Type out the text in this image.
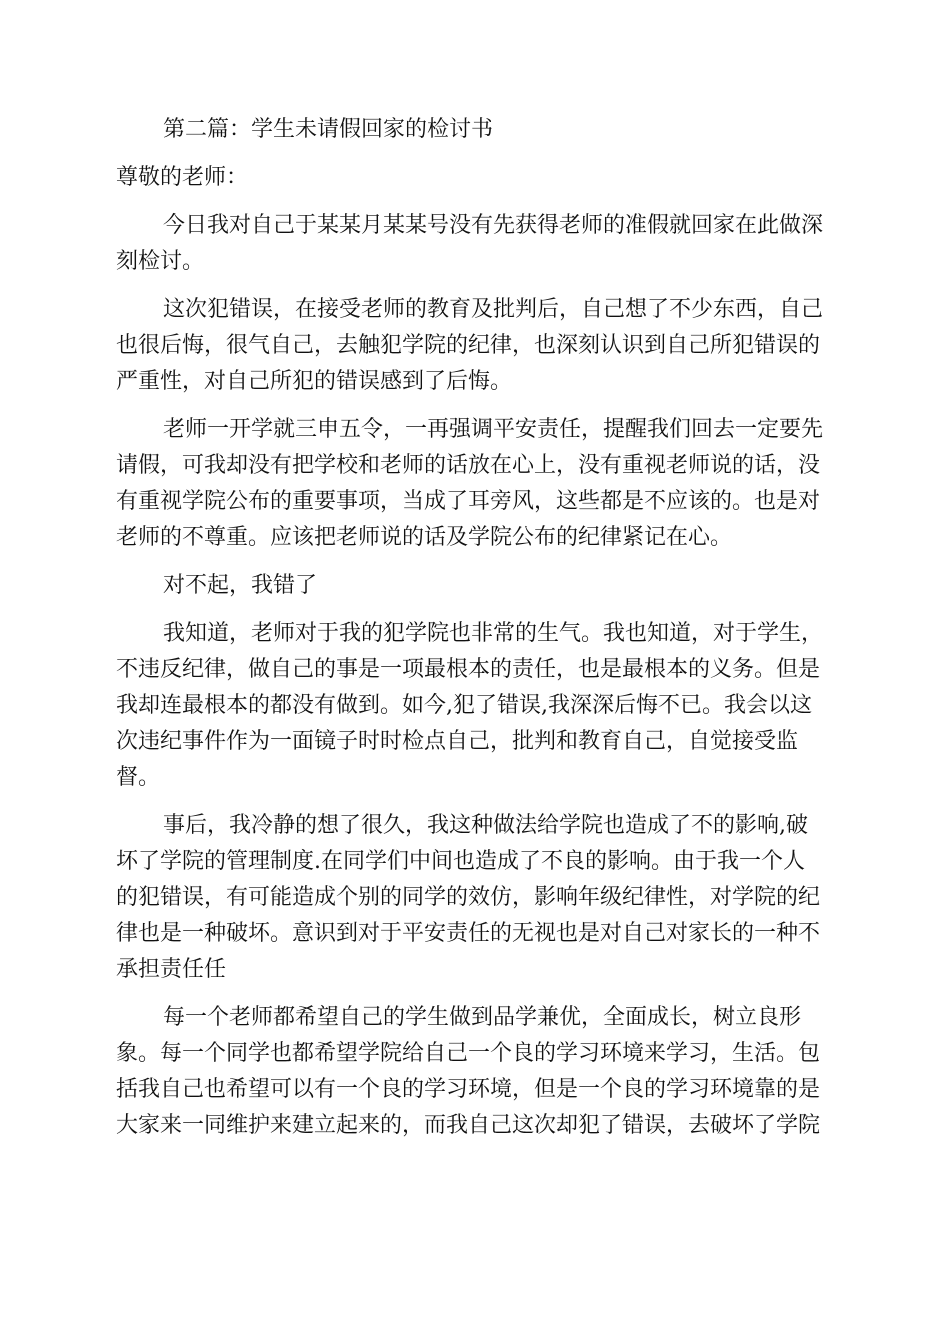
第二篇：学生未请假回家的检讨书
尊敬的老师：
今日我对自己于某某月某某号没有先获得老师的准假就回家在此做深
刻检讨。
这次犯错误，在接受老师的教育及批判后，自己想了不少东西，自己
也很后悔，很气自己，去触犯学院的纪律，也深刻认识到自己所犯错误的
严重性，对自己所犯的错误感到了后悔。
老师一开学就三申五令，一再强调平安责任，提醒我们回去一定要先
请假，可我却没有把学校和老师的话放在心上，没有重视老师说的话，没
有重视学院公布的重要事项，当成了耳旁风，这些都是不应该的。也是对
老师的不尊重。应该把老师说的话及学院公布的纪律紧记在心。
对不起，我错了
我知道，老师对于我的犯学院也非常的生气。我也知道，对于学生，
不违反纪律，做自己的事是一项最根本的责任，也是最根本的义务。但是
我却连最根本的都没有做到。如今,犯了错误,我深深后悔不已。我会以这
次违纪事件作为一面镜子时时检点自己，批判和教育自己，自觉接受监
督。
事后，我冷静的想了很久，我这种做法给学院也造成了不的影响,破
坏了学院的管理制度.在同学们中间也造成了不良的影响。由于我一个人
的犯错误，有可能造成个别的同学的效仿，影响年级纪律性，对学院的纪
律也是一种破坏。意识到对于平安责任的无视也是对自己对家长的一种不
承担责任任
每一个老师都希望自己的学生做到品学兼优，全面成长，树立良形
象。每一个同学也都希望学院给自己一个良的学习环境来学习，生活。包
括我自己也希望可以有一个良的学习环境，但是一个良的学习环境靠的是
大家来一同维护来建立起来的，而我自己这次却犯了错误，去破坏了学院
